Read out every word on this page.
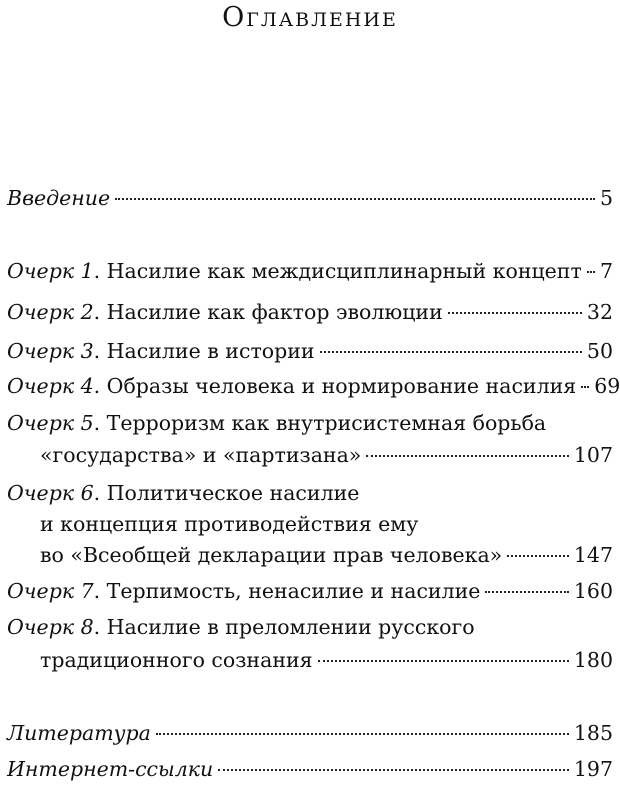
Оглавление
Введение	5
Очерк 1. Насилие как междисциплинарный концепт 7
Очерк 2. Насилие как фактор эволюции	32
Очерк 3. Насилие в истории	50
Очерк 4. Образы человека и нормирование насилия 69
Очерк 5. Терроризм как внутрисистемная борьба
«государства» и «партизана»	107
Очерк 6. Политическое насилие
и концепция противодействия ему
во «Всеобщей декларации прав человека»	147
Очерк 7. Терпимость, ненасилие и насилие	160
Очерк 8. Насилие в преломлении русского
традиционного сознания	180
Литература	185
Интернет-ссылки	197
